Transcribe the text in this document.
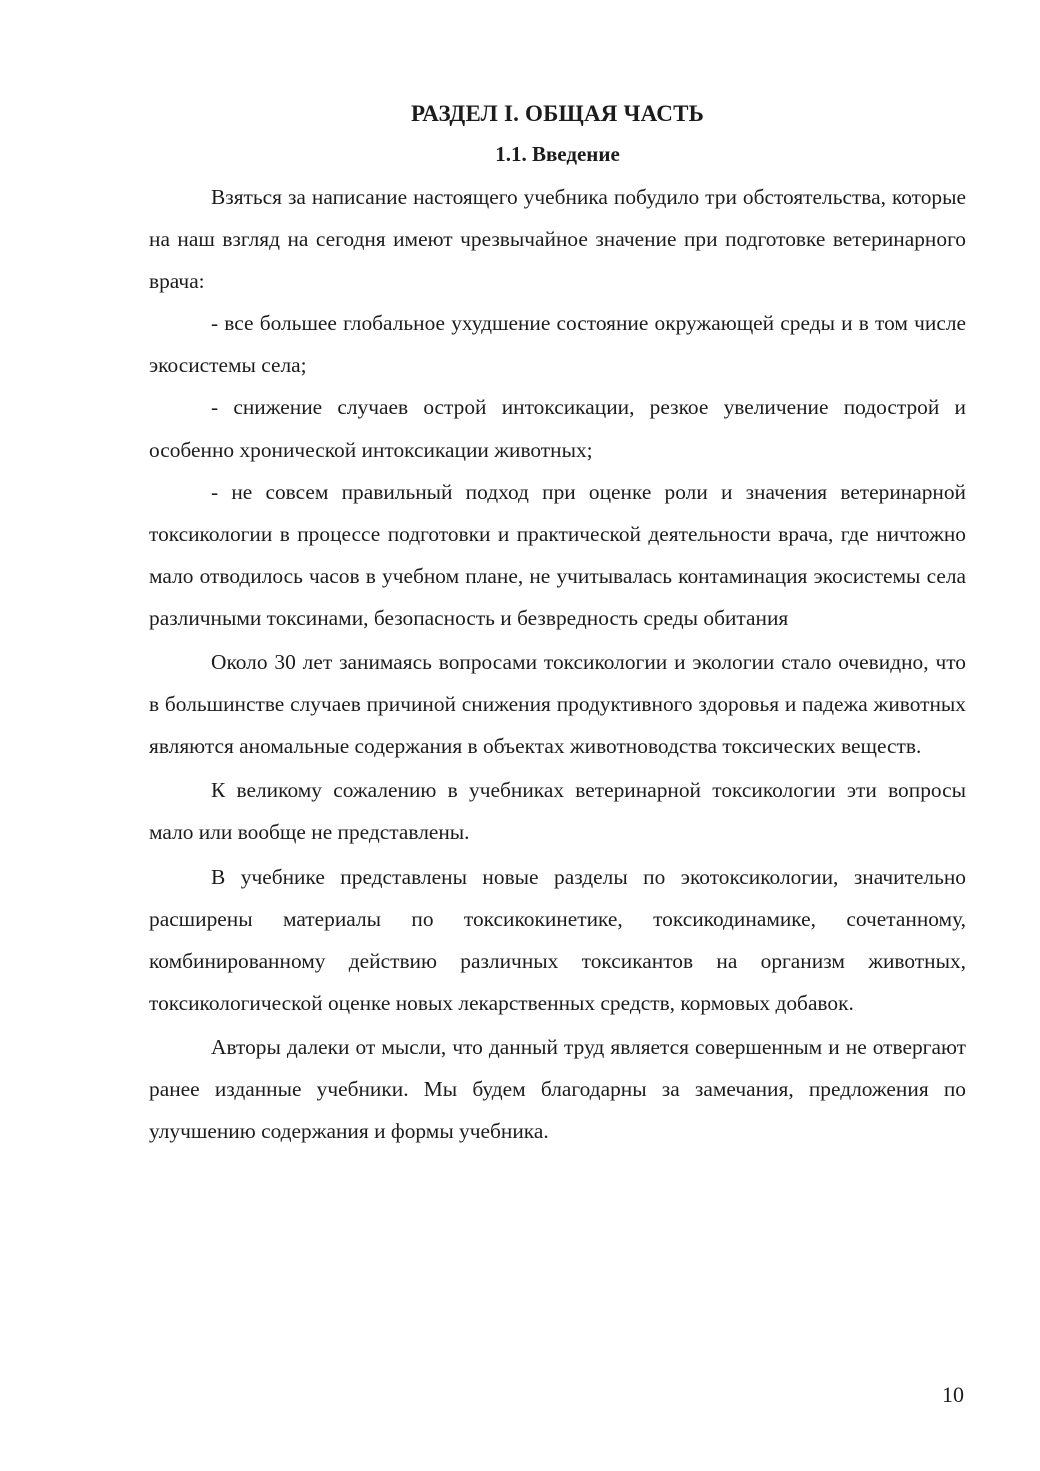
РАЗДЕЛ I. ОБЩАЯ ЧАСТЬ
1.1. Введение

Взяться за написание настоящего учебника побудило три обстоятельства, которые на наш взгляд на сегодня имеют чрезвычайное значение при подготовке ветеринарного врача:

- все большее глобальное ухудшение состояние окружающей среды и в том числе экосистемы села;

- снижение случаев острой интоксикации, резкое увеличение подострой и особенно хронической интоксикации животных;

- не совсем правильный подход при оценке роли и значения ветеринарной токсикологии в процессе подготовки и практической деятельности врача, где ничтожно мало отводилось часов в учебном плане, не учитывалась контаминация экосистемы села различными токсинами, безопасность и безвредность среды обитания

Около 30 лет занимаясь вопросами токсикологии и экологии стало очевидно, что в большинстве случаев причиной снижения продуктивного здоровья и падежа животных являются аномальные содержания в объектах животноводства токсических веществ.

К великому сожалению в учебниках ветеринарной токсикологии эти вопросы мало или вообще не представлены.

В учебнике представлены новые разделы по экотоксикологии, значительно расширены материалы по токсикокинетике, токсикодинамике, сочетанному, комбинированному действию различных токсикантов на организм животных, токсикологической оценке новых лекарственных средств, кормовых добавок.

Авторы далеки от мысли, что данный труд является совершенным и не отвергают ранее изданные учебники. Мы будем благодарны за замечания, предложения по улучшению содержания и формы учебника.

10
